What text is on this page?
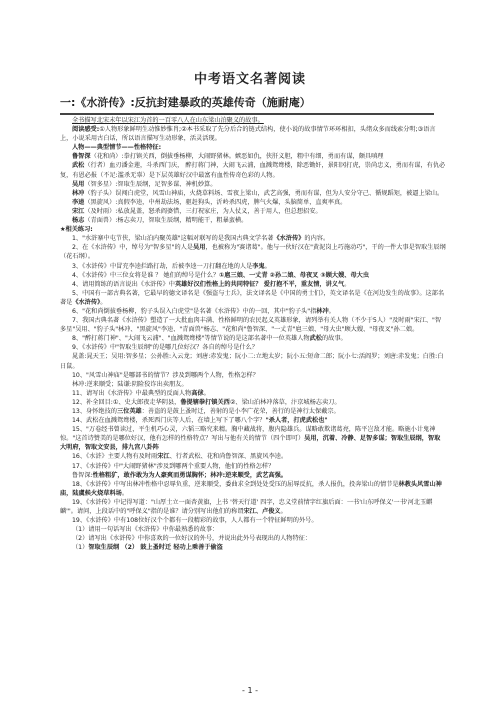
中考语文名著阅读
一:《水浒传》:反抗封建暴政的英雄传奇（施耐庵）

全书描写北宋末年以宋江为首的一百零八人在山东梁山泊聚义的故事。

阅读感受:①人物形象鲜明生动惟妙惟肖;②本书采取了先分后合的链式结构，使小说的故事情节环环相扣，头绪众多而线索分明;③语言上，小说采用古白话，所以语言描写生动形象，活灵活现。

人物——典型情节——性格特征:

鲁智深（花和尚）:拳打镇关西，倒拔垂杨柳，大闹野猪林。嫉恶如仇，侠肝义胆，粗中有细，勇而有谋，颇具嗔理

武松（行者）血刃潘金莲，斗杀西门庆， 醉打蒋门神，大闹飞云浦，血溅鸳鸯楼，除恶锄奸，景阳冈打虎，崇尚忠义，勇而有谋，有仇必复，有恩必报（不足:滥杀无辜）是下层英雄好汉中最富有血性传奇色彩的人物。

吴用（智多星）:智取生辰纲，足智多谋、神机妙算。

林冲（豹子头）误闯白虎堂，风雪山神庙，火烧草料场、雪夜上梁山，武艺高强，勇而有谋，但为人安分守己、循规蹈矩，被逼上梁山。

李逵（黑旋风）:真假李逵，中州劫法场，驱赶狗头，沂岭杀四虎，脾气火爆，头脑简单，直爽率真。

宋江（及时雨）:私放晁盖，怒杀阎婆惜，三打祝家庄，为人仗义，善于用人，但总想招安。

杨志（青面兽）:杨志卖刀，智取生辰纲，精明能干，粗暴蛮横。

★相关练习:

1、"水浒寨中屯节侠，梁山泊内聚英雄"这幅对联写的是我国古典文学名著《水浒传》的内容。

2、在《水浒传》中，绰号为"智多星"的人是吴用，也被称为"赛诸葛"。他与一伙好汉在"黄泥岗上巧施动巧"，干的一件大事是智取生辰纲（花石纲）。

3、《水浒传》中冒充李逵拦路打劫，后被李逵一刀打翻在地的人是李鬼。

4、《水浒传》中三位女将是谁 ？ 她们的绰号是什么？①扈三娘、一丈青 ②孙二娘、母夜叉 ③顾大嫂、母大虫

4、请用简练的语言说出《水浒传》中英雄好汉们性格上的共同特征？ 爱打抱不平，重友情，讲义气。

5、中国有一部古典名著，它最早的德文译名是《强盗与士兵》，法文译名是《中国的勇士们》，英文译名是《在河边发生的故事》。这部名著是《水浒传》。

6、"花和尚倒拔垂杨柳，豹子头误入白虎堂"是名著《水浒传》中的一回，其中"豹子头"指林冲。

7、我国古典名著《水浒传》塑造了一大批血肉丰满、性格鲜明的农民起义英雄形象，请列举有关人物（不少于5人）"及时雨"宋江、"智多星"吴用、"豹子头"林冲、"黑旋风"李逵、"青面兽"杨志、"花和尚"鲁智深、"一丈青"扈三娘、"母大虫"顾大嫂、"母夜叉"孙二娘。

8、"醉打蒋门神"、"大闹飞云浦"、"血溅鸳鸯楼"等情节说的是这部名著中一位英雄人物武松的故事。

9、《水浒传》中"智取生辰纲"的是哪几位好汉？各自的绰号是什么？

晁盖:晁天王；吴用:智多星；公孙胜:入云龙；刘唐:赤发鬼；阮小二:立地太岁；阮小五:短命二郎；阮小七:活阎罗；刘唐:赤发鬼；白胜:白日鼠。

10、"风雪山神庙"是哪部书的情节？涉及到哪两个人物，性格怎样？

林冲:逆来顺受；陆谦:阴险狡诈出卖朋友。

11、请写出《水浒传》中最典型的反面人物高俅。

12、补全回目:①、史大郎夜走华阴县，鲁提辖拳打镇关西②、梁山泊林冲落草，汴京城杨志卖刀。

13、身怀绝技的三位英雄：善盗的是鼓上蚤时迁，善射的是小李广花荣，善行的是神行太保戴宗。

14、武松在血溅鸳鸯楼，杀死西门庆等人后，在墙上写下了哪八个字？"杀人者，打虎武松也"

15、"万卷经书曾读过，平生机巧心灵，六韬三略究来精。胸中藏战将，腹内隐雄兵。谋略敢欺诸葛亮，陈平岂敌才能。略施小计鬼神惊。"这首诗赞美的是哪位好汉，他有怎样的性格特点？写出与他有关的情节（四个即可）吴用，沉着、冷静、足智多谋；智取生辰纲，智取大明府，智取文安县，排九宫八卦阵

16、《水浒》主要人物有及时雨宋江、行者武松、花和尚鲁智深、黑旋风李逵。

17、《水浒传》中"大闹野猪林"涉及到哪两个重要人物，他们的性格怎样？

鲁智深:性格粗犷，敢作敢为为人豪爽而勇谋胸怀；林冲:逆来顺受，武艺高强。

18、《水浒传》中写出林冲性格中忍辱负重，逆来顺受，委曲求全到处处受压的屈辱反抗，杀人报仇，投奔梁山的情节是林教头风雪山神庙，陆虞候火烧草料场。

19、《水浒传》中记得写道："山厚土立一面杏黄旗，上书 '替天行道' 四字，忠义堂前情字红旗后面：一书'山东呼保义'一书'河北玉麒麟'"。请问，上段话中的"呼保义"指的是谁？请分别写出他们的称谓宋江、卢俊义。

19、《水浒传》中有108位好汉个个都有一段精彩的故事，人人都有一个特征鲜明的外号。

（1）请用一句话写出《水浒传》中你最熟悉的故事：

（2）请写出《水浒传》中你喜欢的一位好汉的外号，并说出此外号表现出的人物特征：

（1）智取生辰纲 （2） 鼓上蚤时迁 轻功上乘善于偷盗

- 1 -
